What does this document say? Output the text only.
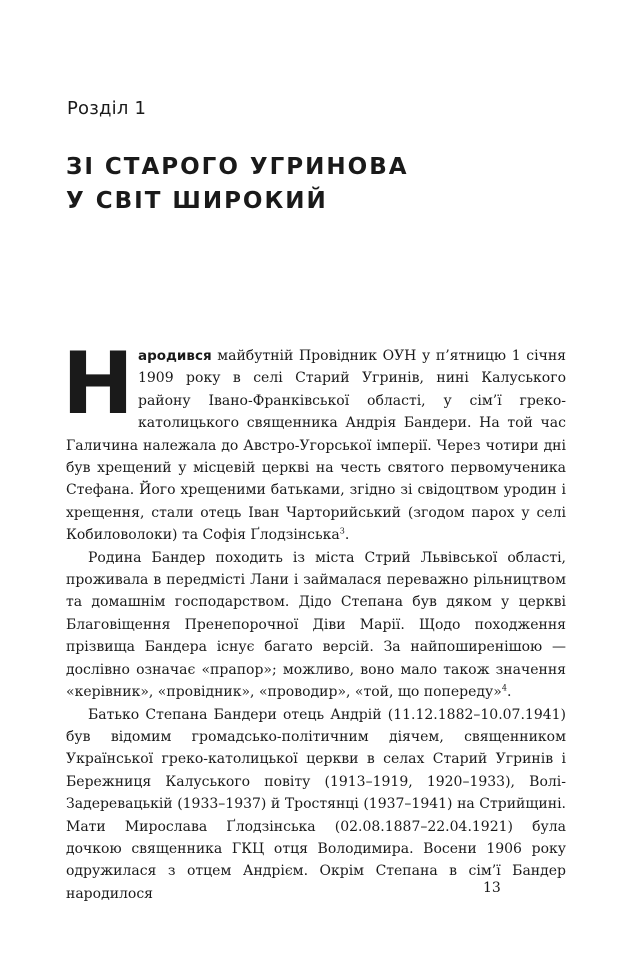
Розділ 1
ЗІ СТАРОГО УГРИНОВА
У СВІТ ШИРОКИЙ

Народився майбутній Провідник ОУН у п’ятницю 1 січня 1909 року в селі Старий Угринів, нині Калуського району Івано-Франківської області, у сім’ї греко-католицького священника Андрія Бандери. На той час Галичина належала до Австро-Угорської імперії. Через чотири дні був хрещений у місцевій церкві на честь святого первомученика Стефана. Його хрещеними батьками, згідно зі свідоцтвом уродин і хрещення, стали отець Іван Чарторийський (згодом парох у селі Кобиловолоки) та Софія Ґлодзінська$^3$.

Родина Бандер походить із міста Стрий Львівської області, проживала в передмісті Лани і займалася переважно рільництвом та домашнім господарством. Дідо Степана був дяком у церкві Благовіщення Пренепорочної Діви Марії. Щодо походження прізвища Бандера існує багато версій. За найпоширенішою — дослівно означає «прапор»; можливо, воно мало також значення «керівник», «провідник», «проводир», «той, що попереду»$^4$.

Батько Степана Бандери отець Андрій (11.12.1882–10.07.1941) був відомим громадсько-політичним діячем, священником Української греко-католицької церкви в селах Старий Угринів і Бережниця Калуського повіту (1913–1919, 1920–1933), Волі-Задеревацькій (1933–1937) й Тростянці (1937–1941) на Стрийщині. Мати Мирослава Ґлодзінська (02.08.1887–22.04.1921) була дочкою священника ГКЦ отця Володимира. Восени 1906 року одружилася з отцем Андрієм. Окрім Степана в сім’ї Бандер народилося	13
